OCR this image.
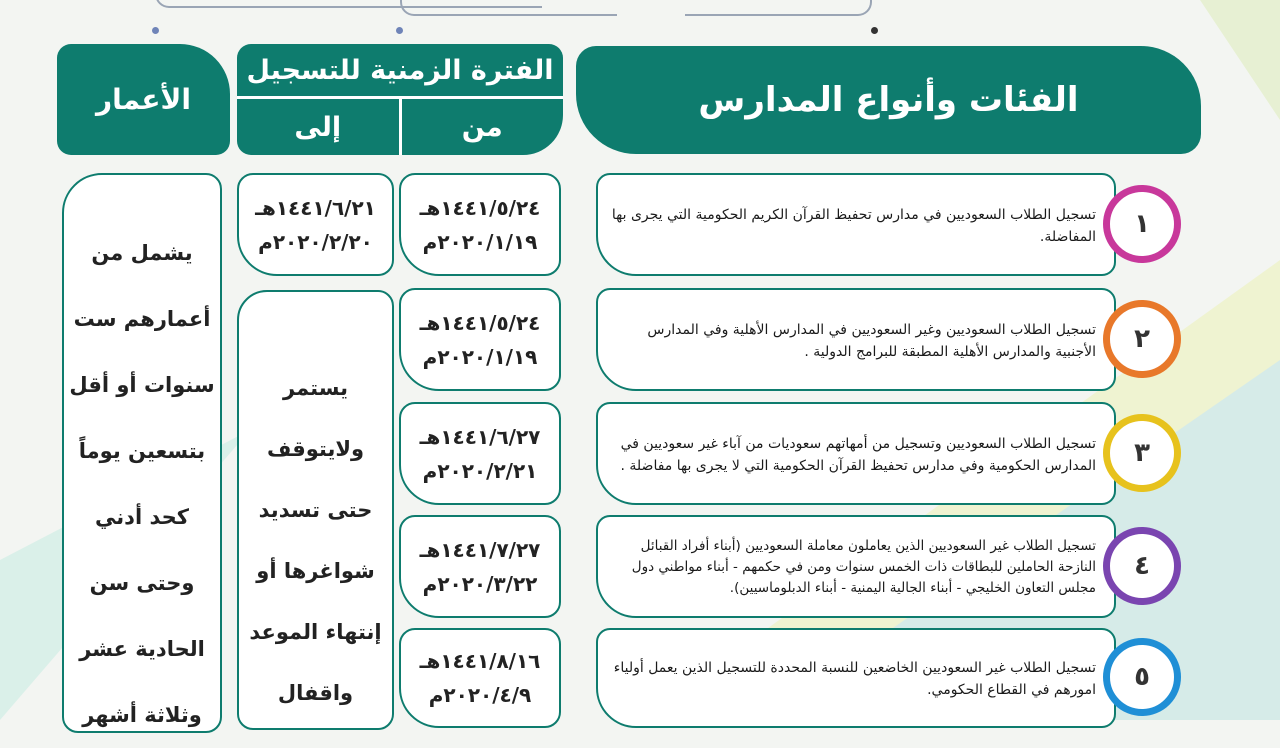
الفئات وأنواع المدارس
الفترة الزمنية للتسجيل
إلى	من
الأعمار
تسجيل الطلاب السعوديين في مدارس تحفيظ القرآن الكريم الحكومية التي يجرى بها المفاضلة. ١
تسجيل الطلاب السعوديين وغير السعوديين في المدارس الأهلية وفي المدارس الأجنبية والمدارس الأهلية المطبقة للبرامج الدولية . ٢
تسجيل الطلاب السعوديين وتسجيل من أمهاتهم سعوديات من آباء غير سعوديين في المدارس الحكومية وفي مدارس تحفيظ القرآن الحكومية التي لا يجرى بها مفاضلة . ٣
تسجيل الطلاب غير السعوديين الذين يعاملون معاملة السعوديين (أبناء أفراد القبائل النازحة الحاملين للبطاقات ذات الخمس سنوات ومن في حكمهم - أبناء مواطني دول مجلس التعاون الخليجي - أبناء الجالية اليمنية - أبناء الدبلوماسيين).
٤
تسجيل الطلاب غير السعوديين الخاضعين للنسبة المحددة للتسجيل الذين يعمل أولياء امورهم في القطاع الحكومي. ٥
١٤٤١/٥/٢٤هـ
٢٠٢٠/١/١٩م
١٤٤١/٥/٢٤هـ
٢٠٢٠/١/١٩م
١٤٤١/٦/٢٧هـ
٢٠٢٠/٢/٢١م
١٤٤١/٧/٢٧هـ
٢٠٢٠/٣/٢٢م
١٤٤١/٨/١٦هـ
٢٠٢٠/٤/٩م
١٤٤١/٦/٢١هـ
٢٠٢٠/٢/٢٠م
يستمر
ولايتوقف
حتى تسديد
شواغرها أو
إنتهاء الموعد
واقفال
يشمل من
أعمارهم ست
سنوات أو أقل
بتسعين يوماً
كحد أدني
وحتى سن
الحادية عشر
وثلاثة أشهر
